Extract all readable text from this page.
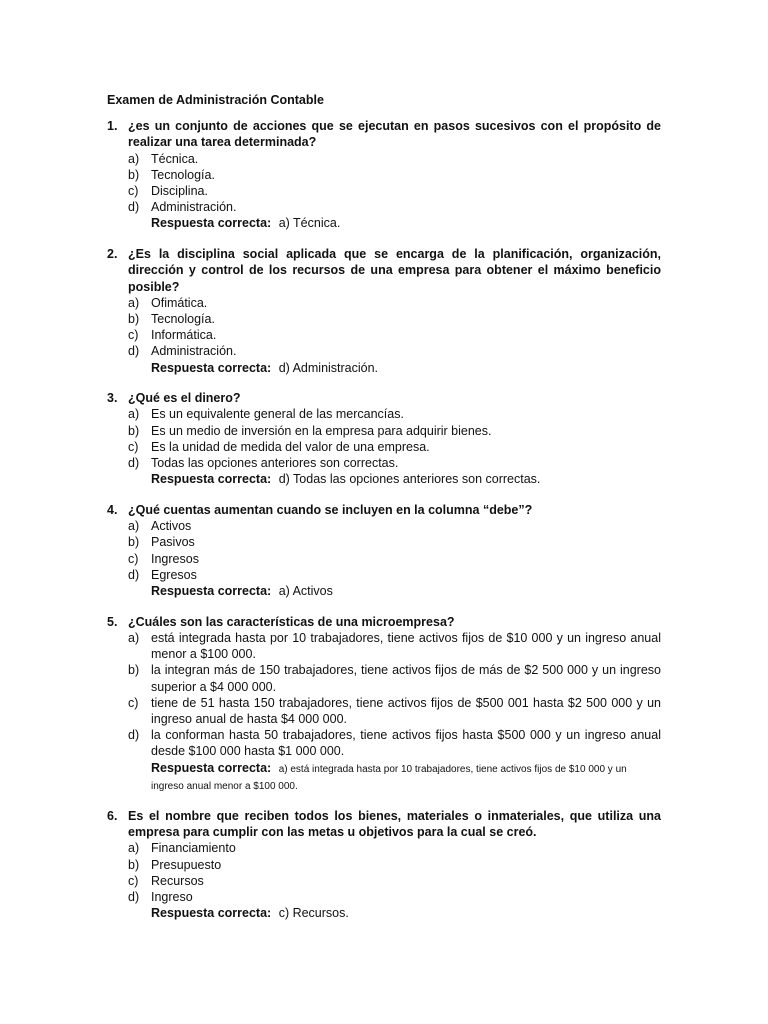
Examen de Administración Contable
1. ¿es un conjunto de acciones que se ejecutan en pasos sucesivos con el propósito de realizar una tarea determinada?
a) Técnica.
b) Tecnología.
c) Disciplina.
d) Administración.
Respuesta correcta: a) Técnica.
2. ¿Es la disciplina social aplicada que se encarga de la planificación, organización, dirección y control de los recursos de una empresa para obtener el máximo beneficio posible?
a) Ofimática.
b) Tecnología.
c) Informática.
d) Administración.
Respuesta correcta: d) Administración.
3. ¿Qué es el dinero?
a) Es un equivalente general de las mercancías.
b) Es un medio de inversión en la empresa para adquirir bienes.
c) Es la unidad de medida del valor de una empresa.
d) Todas las opciones anteriores son correctas.
Respuesta correcta: d) Todas las opciones anteriores son correctas.
4. ¿Qué cuentas aumentan cuando se incluyen en la columna “debe”?
a) Activos
b) Pasivos
c) Ingresos
d) Egresos
Respuesta correcta: a) Activos
5. ¿Cuáles son las características de una microempresa?
a) está integrada hasta por 10 trabajadores, tiene activos fijos de $10 000 y un ingreso anual menor a $100 000.
b) la integran más de 150 trabajadores, tiene activos fijos de más de $2 500 000 y un ingreso superior a $4 000 000.
c) tiene de 51 hasta 150 trabajadores, tiene activos fijos de $500 001 hasta $2 500 000 y un ingreso anual de hasta $4 000 000.
d) la conforman hasta 50 trabajadores, tiene activos fijos hasta $500 000 y un ingreso anual desde $100 000 hasta $1 000 000.
Respuesta correcta: a) está integrada hasta por 10 trabajadores, tiene activos fijos de $10 000 y un ingreso anual menor a $100 000.
6. Es el nombre que reciben todos los bienes, materiales o inmateriales, que utiliza una empresa para cumplir con las metas u objetivos para la cual se creó.
a) Financiamiento
b) Presupuesto
c) Recursos
d) Ingreso
Respuesta correcta: c) Recursos.
